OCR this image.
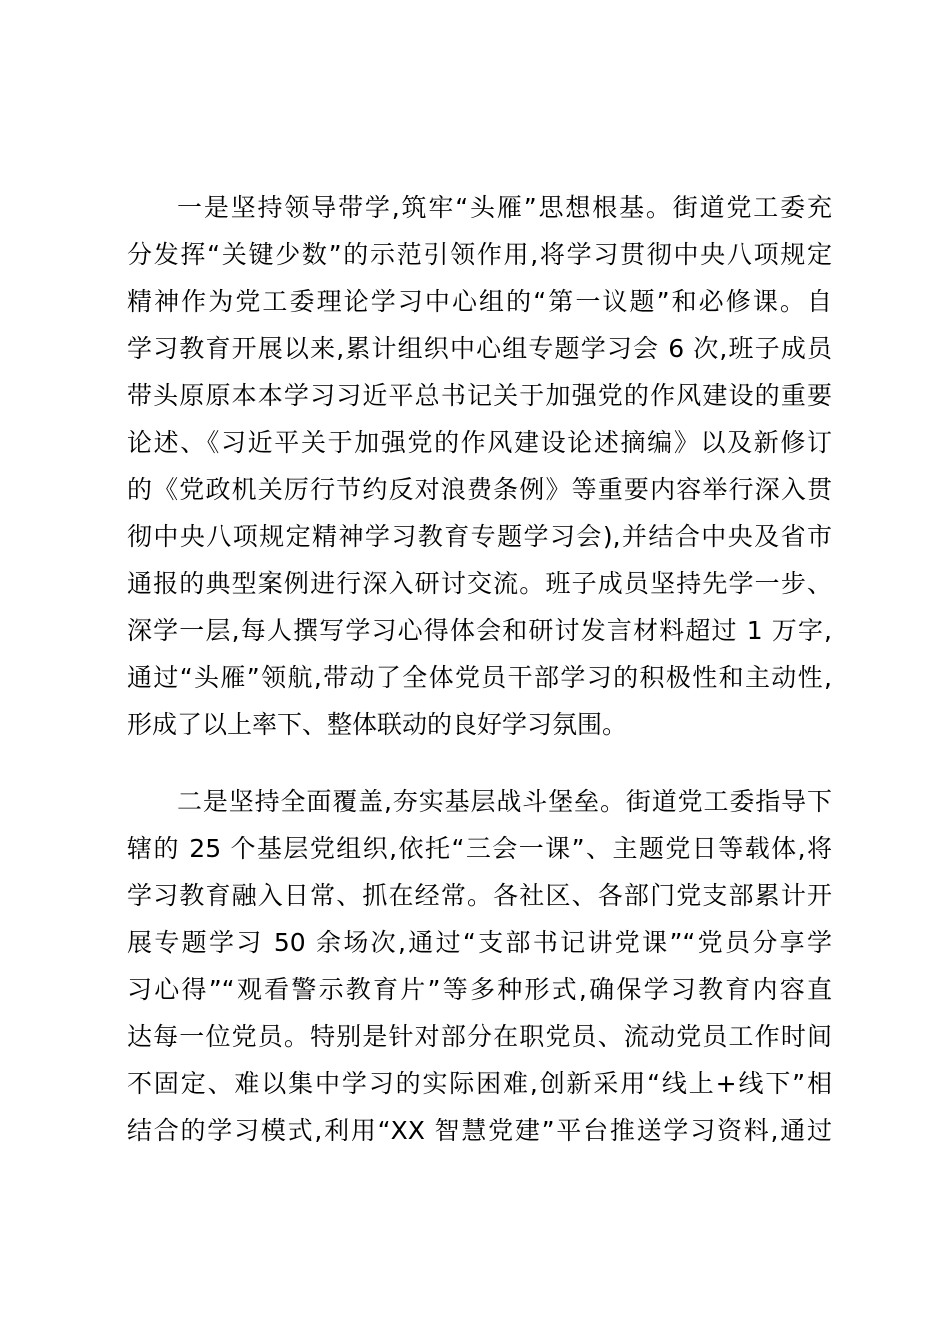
一是坚持领导带学,筑牢“头雁”思想根基。街道党工委充
分发挥“关键少数”的示范引领作用,将学习贯彻中央八项规定
精神作为党工委理论学习中心组的“第一议题”和必修课。自
学习教育开展以来,累计组织中心组专题学习会 6 次,班子成员
带头原原本本学习习近平总书记关于加强党的作风建设的重要
论述、《习近平关于加强党的作风建设论述摘编》以及新修订
的《党政机关厉行节约反对浪费条例》等重要内容举行深入贯
彻中央八项规定精神学习教育专题学习会),并结合中央及省市
通报的典型案例进行深入研讨交流。班子成员坚持先学一步、
深学一层,每人撰写学习心得体会和研讨发言材料超过 1 万字,
通过“头雁”领航,带动了全体党员干部学习的积极性和主动性,
形成了以上率下、整体联动的良好学习氛围。
二是坚持全面覆盖,夯实基层战斗堡垒。街道党工委指导下
辖的 25 个基层党组织,依托“三会一课”、主题党日等载体,将
学习教育融入日常、抓在经常。各社区、各部门党支部累计开
展专题学习 50 余场次,通过“支部书记讲党课”“党员分享学
习心得”“观看警示教育片”等多种形式,确保学习教育内容直
达每一位党员。特别是针对部分在职党员、流动党员工作时间
不固定、难以集中学习的实际困难,创新采用“线上+线下”相
结合的学习模式,利用“XX 智慧党建”平台推送学习资料,通过
